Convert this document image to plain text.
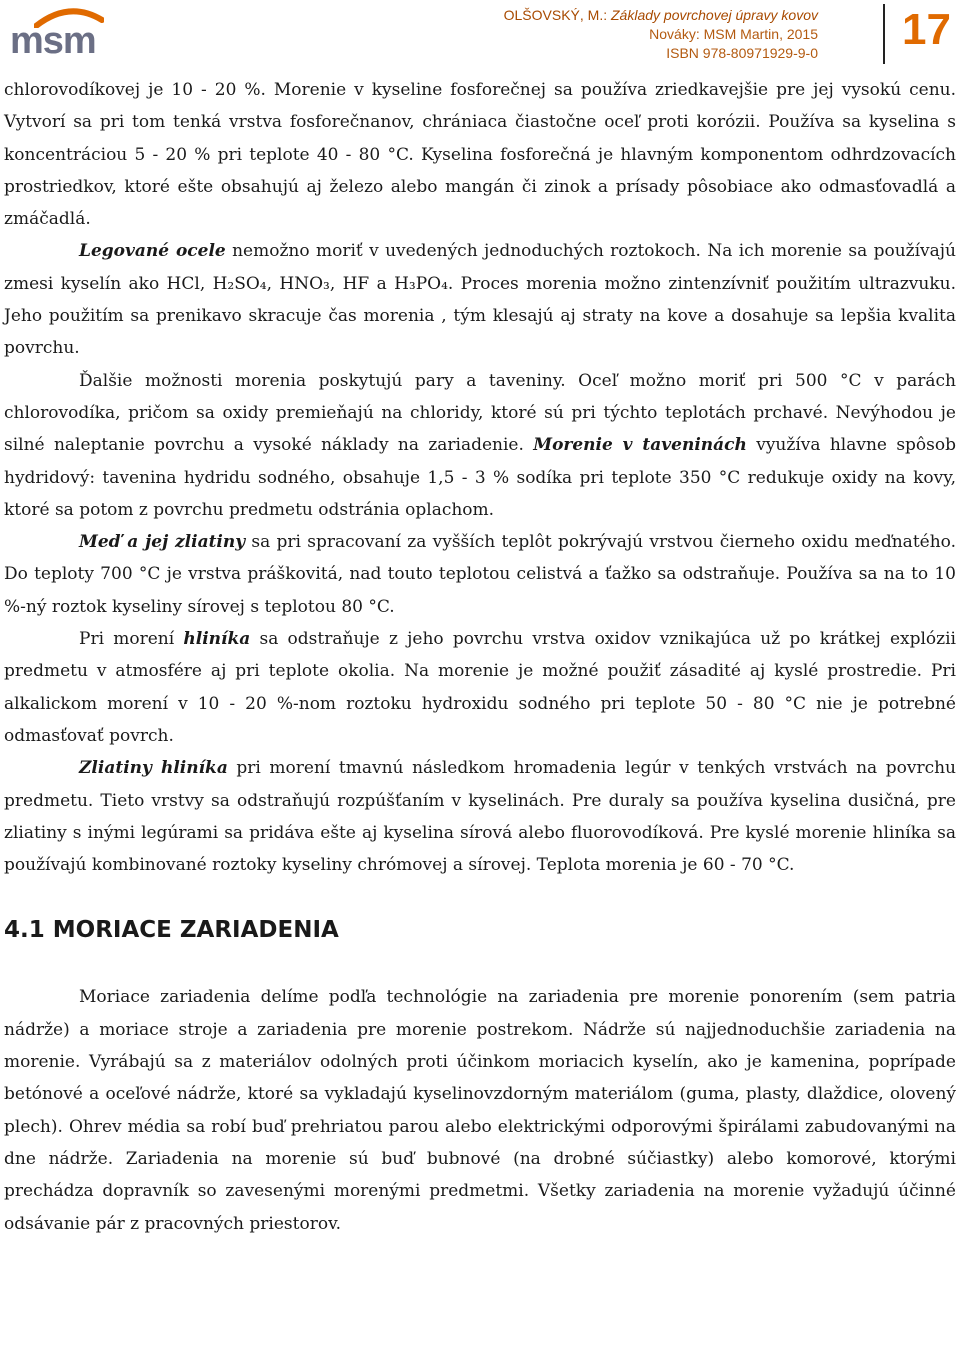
msm
OLŠOVSKÝ, M.: Základy povrchovej úpravy kovov
Nováky: MSM Martin, 2015
ISBN 978-80971929-9-0 17

chlorovodíkovej je 10 - 20 %. Morenie v kyseline fosforečnej sa používa zriedkavejšie pre jej vysokú cenu. Vytvorí sa pri tom tenká vrstva fosforečnanov, chrániaca čiastočne oceľ proti korózii. Používa sa kyselina s koncentráciou 5 - 20 % pri teplote 40 - 80 °C. Kyselina fosforečná je hlavným komponentom odhrdzovacích prostriedkov, ktoré ešte obsahujú aj železo alebo mangán či zinok a prísady pôsobiace ako odmasťovadlá a zmáčadlá.

Legované ocele nemožno moriť v uvedených jednoduchých roztokoch. Na ich morenie sa používajú zmesi kyselín ako HCl, H₂SO₄, HNO₃, HF a H₃PO₄. Proces morenia možno zintenzívniť použitím ultrazvuku. Jeho použitím sa prenikavo skracuje čas morenia , tým klesajú aj straty na kove a dosahuje sa lepšia kvalita povrchu.

Ďalšie možnosti morenia poskytujú pary a taveniny. Oceľ možno moriť pri 500 °C v parách chlorovodíka, pričom sa oxidy premieňajú na chloridy, ktoré sú pri týchto teplotách prchavé. Nevýhodou je silné naleptanie povrchu a vysoké náklady na zariadenie. Morenie v taveninách využíva hlavne spôsob hydridový: tavenina hydridu sodného, obsahuje 1,5 - 3 % sodíka pri teplote 350 °C redukuje oxidy na kovy, ktoré sa potom z povrchu predmetu odstránia oplachom.

Meď a jej zliatiny sa pri spracovaní za vyšších teplôt pokrývajú vrstvou čierneho oxidu meďnatého. Do teploty 700 °C je vrstva práškovitá, nad touto teplotou celistvá a ťažko sa odstraňuje. Používa sa na to 10 %-ný roztok kyseliny sírovej s teplotou 80 °C.

Pri morení hliníka sa odstraňuje z jeho povrchu vrstva oxidov vznikajúca už po krátkej explózii predmetu v atmosfére aj pri teplote okolia. Na morenie je možné použiť zásadité aj kyslé prostredie. Pri alkalickom morení v 10 - 20 %-nom roztoku hydroxidu sodného pri teplote 50 - 80 °C nie je potrebné odmasťovať povrch.

Zliatiny hliníka pri morení tmavnú následkom hromadenia legúr v tenkých vrstvách na povrchu predmetu. Tieto vrstvy sa odstraňujú rozpúšťaním v kyselinách. Pre duraly sa používa kyselina dusičná, pre zliatiny s inými legúrami sa pridáva ešte aj kyselina sírová alebo fluorovodíková. Pre kyslé morenie hliníka sa používajú kombinované roztoky kyseliny chrómovej a sírovej. Teplota morenia je 60 - 70 °C.

4.1 MORIACE ZARIADENIA

Moriace zariadenia delíme podľa technológie na zariadenia pre morenie ponorením (sem patria nádrže) a moriace stroje a zariadenia pre morenie postrekom. Nádrže sú najjednoduchšie zariadenia na morenie. Vyrábajú sa z materiálov odolných proti účinkom moriacich kyselín, ako je kamenina, poprípade betónové a oceľové nádrže, ktoré sa vykladajú kyselinovzdorným materiálom (guma, plasty, dlaždice, olovený plech). Ohrev média sa robí buď prehriatou parou alebo elektrickými odporovými špirálami zabudovanými na dne nádrže. Zariadenia na morenie sú buď bubnové (na drobné súčiastky) alebo komorové, ktorými prechádza dopravník so zavesenými morenými predmetmi. Všetky zariadenia na morenie vyžadujú účinné odsávanie pár z pracovných priestorov.
